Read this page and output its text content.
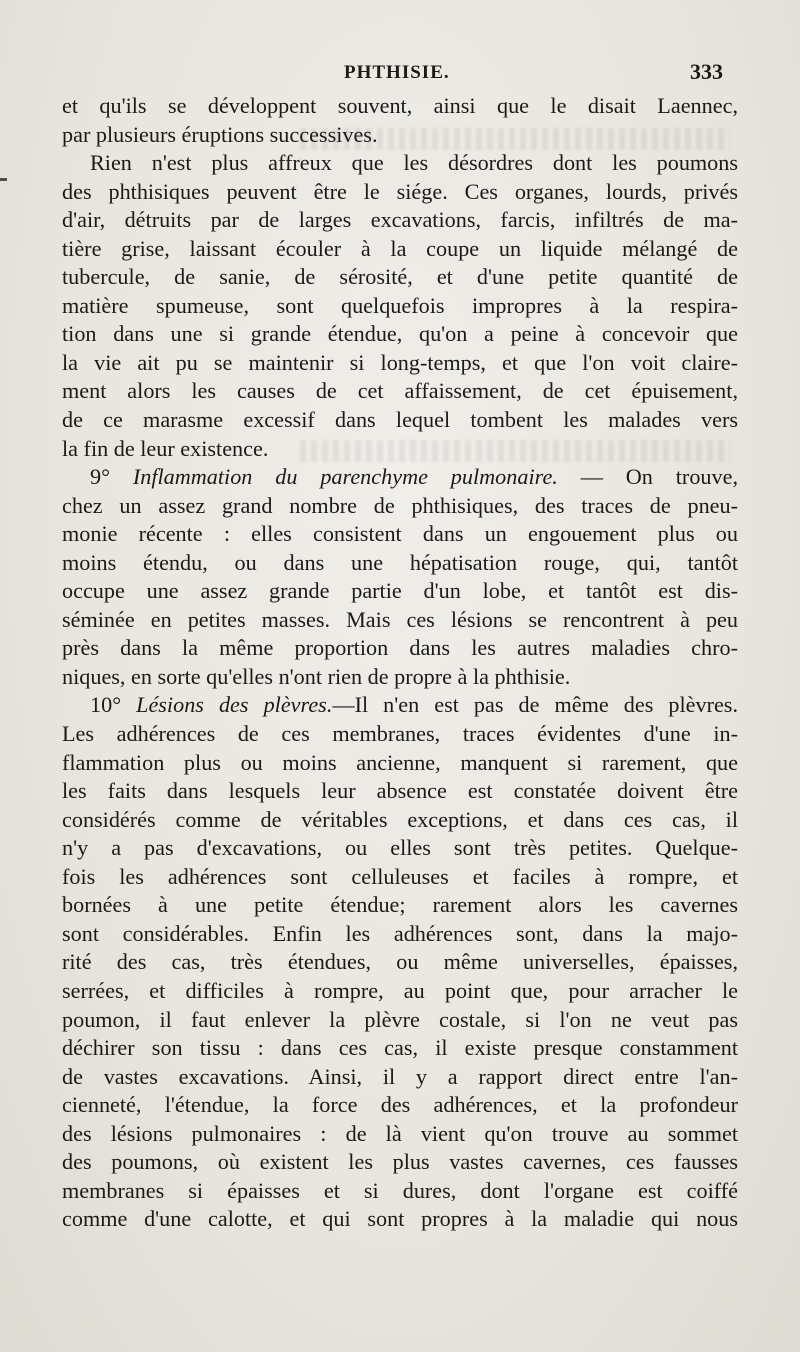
PHTHISIE.	333
et qu'ils se développent souvent, ainsi que le disait Laennec,
par plusieurs éruptions successives.
Rien n'est plus affreux que les désordres dont les poumons
des phthisiques peuvent être le siége. Ces organes, lourds, privés
d'air, détruits par de larges excavations, farcis, infiltrés de ma-
tière grise, laissant écouler à la coupe un liquide mélangé de
tubercule, de sanie, de sérosité, et d'une petite quantité de
matière spumeuse, sont quelquefois impropres à la respira-
tion dans une si grande étendue, qu'on a peine à concevoir que
la vie ait pu se maintenir si long-temps, et que l'on voit claire-
ment alors les causes de cet affaissement, de cet épuisement,
de ce marasme excessif dans lequel tombent les malades vers
la fin de leur existence.
9° Inflammation du parenchyme pulmonaire. — On trouve,
chez un assez grand nombre de phthisiques, des traces de pneu-
monie récente : elles consistent dans un engouement plus ou
moins étendu, ou dans une hépatisation rouge, qui, tantôt
occupe une assez grande partie d'un lobe, et tantôt est dis-
séminée en petites masses. Mais ces lésions se rencontrent à peu
près dans la même proportion dans les autres maladies chro-
niques, en sorte qu'elles n'ont rien de propre à la phthisie.
10° Lésions des plèvres.—Il n'en est pas de même des plèvres.
Les adhérences de ces membranes, traces évidentes d'une in-
flammation plus ou moins ancienne, manquent si rarement, que
les faits dans lesquels leur absence est constatée doivent être
considérés comme de véritables exceptions, et dans ces cas, il
n'y a pas d'excavations, ou elles sont très petites. Quelque-
fois les adhérences sont celluleuses et faciles à rompre, et
bornées à une petite étendue; rarement alors les cavernes
sont considérables. Enfin les adhérences sont, dans la majo-
rité des cas, très étendues, ou même universelles, épaisses,
serrées, et difficiles à rompre, au point que, pour arracher le
poumon, il faut enlever la plèvre costale, si l'on ne veut pas
déchirer son tissu : dans ces cas, il existe presque constamment
de vastes excavations. Ainsi, il y a rapport direct entre l'an-
cienneté, l'étendue, la force des adhérences, et la profondeur
des lésions pulmonaires : de là vient qu'on trouve au sommet
des poumons, où existent les plus vastes cavernes, ces fausses
membranes si épaisses et si dures, dont l'organe est coiffé
comme d'une calotte, et qui sont propres à la maladie qui nous
